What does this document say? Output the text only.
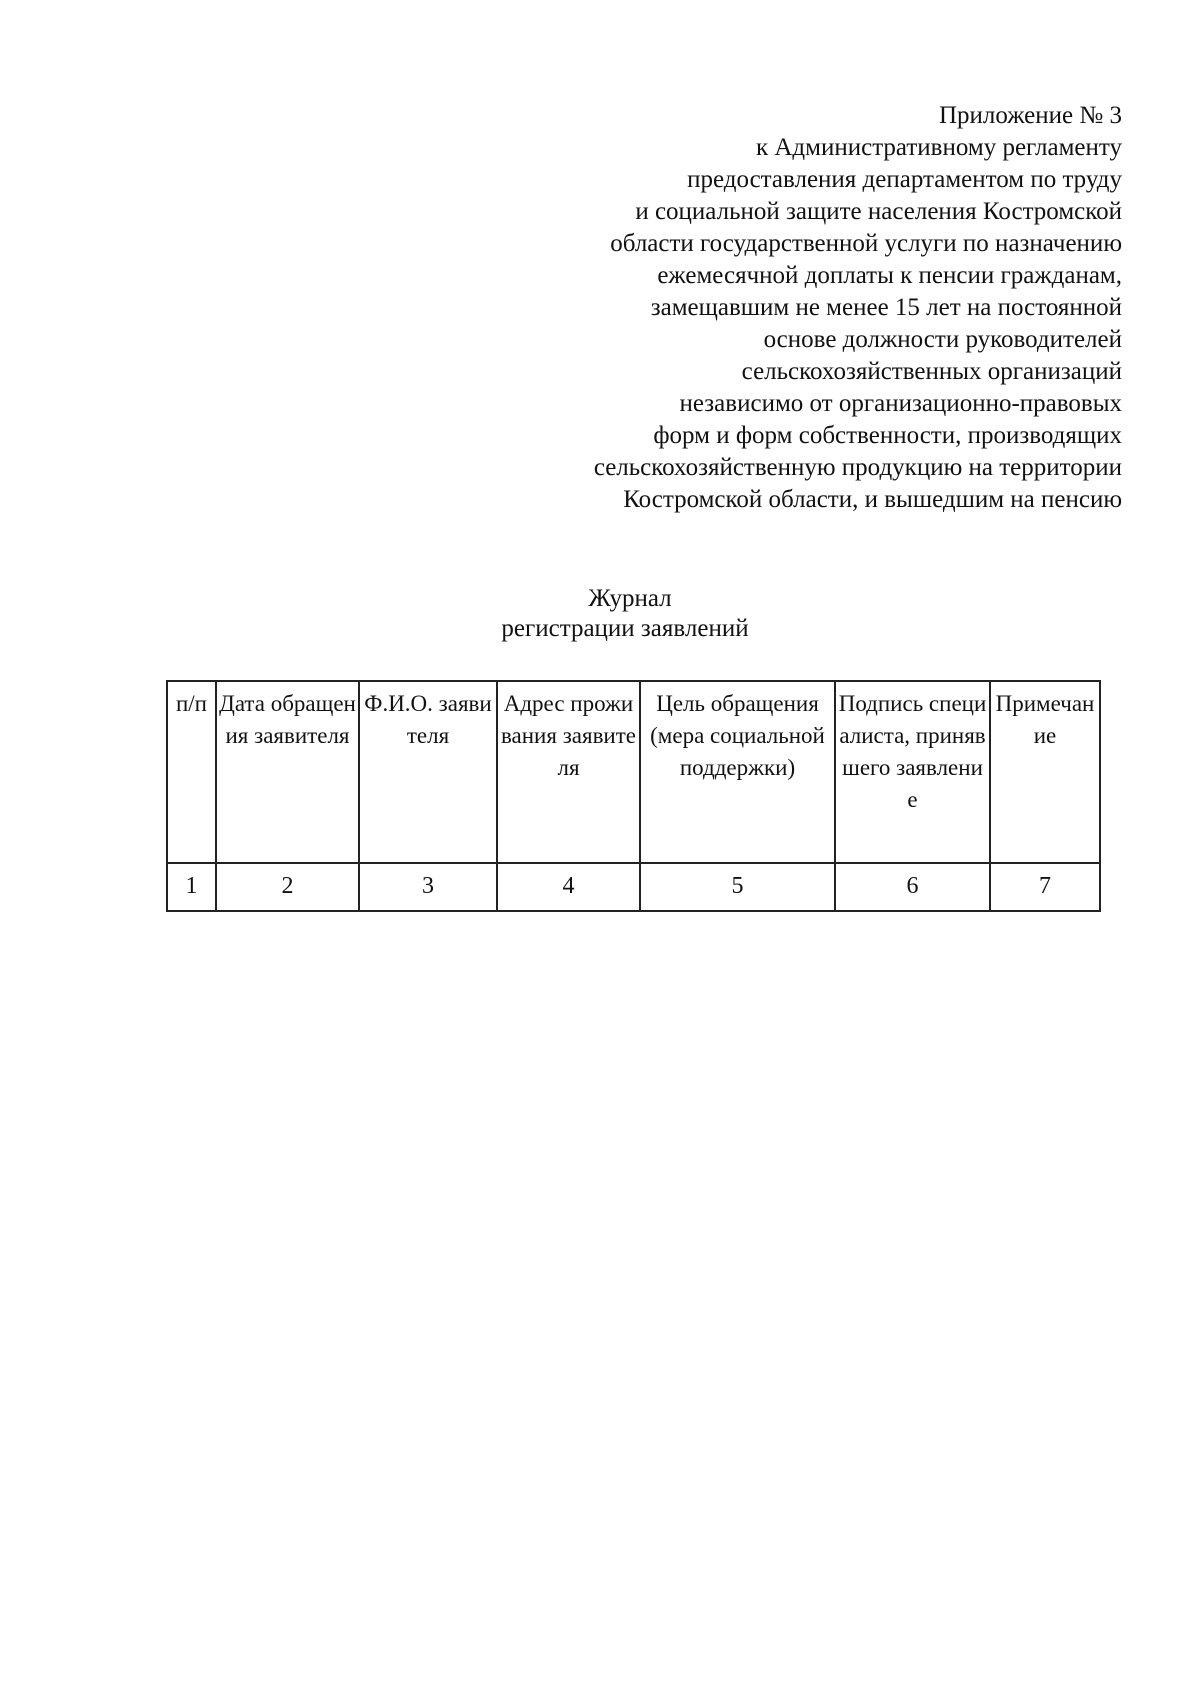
Приложение № 3
к Административному регламенту
предоставления департаментом по труду
и социальной защите населения Костромской
области государственной услуги по назначению
ежемесячной доплаты к пенсии гражданам,
замещавшим не менее 15 лет на постоянной
основе должности руководителей
сельскохозяйственных организаций
независимо от организационно-правовых
форм и форм собственности, производящих
сельскохозяйственную продукцию на территории
Костромской области, и вышедшим на пенсию
Журнал
регистрации заявлений
п/п	Дата обращения заявителя	Ф.И.О. заявителя	Адрес проживания заявителя	Цель обращения (мера социальной поддержки)	Подпись специалиста, принявшего заявление	Примечание
1	2	3	4	5	6	7
